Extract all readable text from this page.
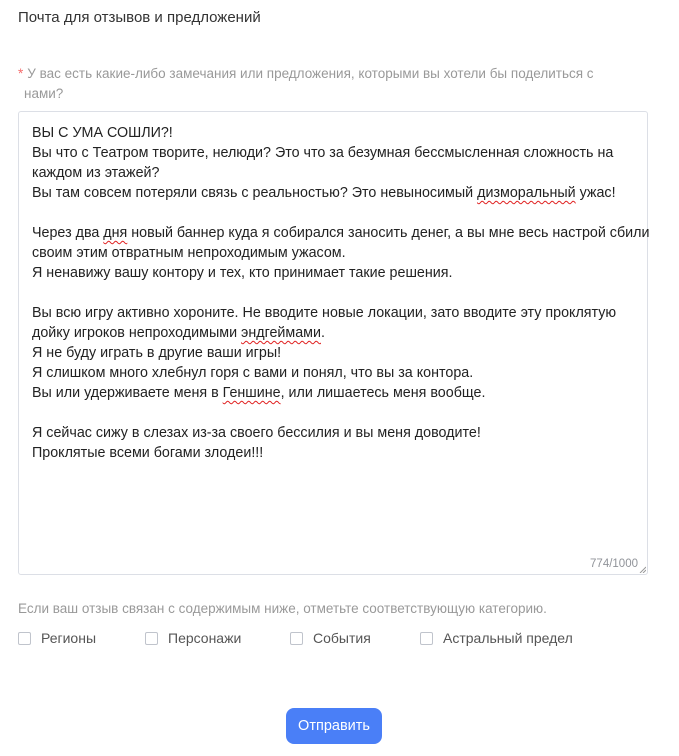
Почта для отзывов и предложений
* У вас есть какие-либо замечания или предложения, которыми вы хотели бы поделиться с
нами?
ВЫ С УМА СОШЛИ?!
Вы что с Театром творите, нелюди? Это что за безумная бессмысленная сложность на
каждом из этажей?
Вы там совсем потеряли связь с реальностью? Это невыносимый дизморальный ужас!
Через два дня новый баннер куда я собирался заносить денег, а вы мне весь настрой сбили
своим этим отвратным непроходимым ужасом.
Я ненавижу вашу контору и тех, кто принимает такие решения.
Вы всю игру активно хороните. Не вводите новые локации, зато вводите эту проклятую
дойку игроков непроходимыми эндгеймами.
Я не буду играть в другие ваши игры!
Я слишком много хлебнул горя с вами и понял, что вы за контора.
Вы или удерживаете меня в Геншине, или лишаетесь меня вообще.
Я сейчас сижу в слезах из-за своего бессилия и вы меня доводите!
Проклятые всеми богами злодеи!!!
774/1000
Если ваш отзыв связан с содержимым ниже, отметьте соответствующую категорию.
Регионы	Персонажи	События	Астральный предел
Отправить
